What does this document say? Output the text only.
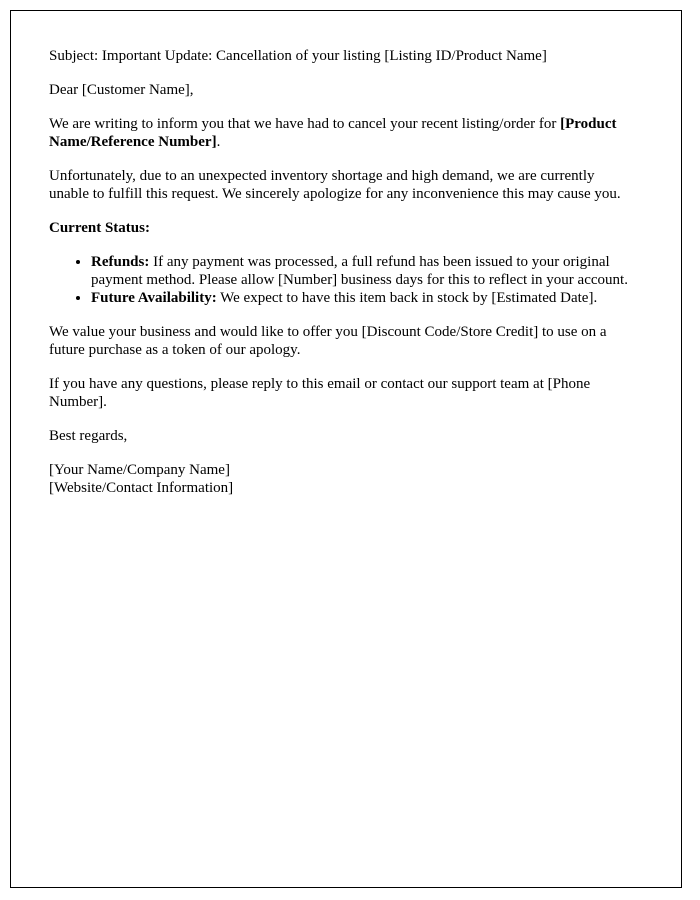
Subject: Important Update: Cancellation of your listing [Listing ID/Product Name]

Dear [Customer Name],

We are writing to inform you that we have had to cancel your recent listing/order for [Product Name/Reference Number].

Unfortunately, due to an unexpected inventory shortage and high demand, we are currently unable to fulfill this request. We sincerely apologize for any inconvenience this may cause you.

Current Status:

• Refunds: If any payment was processed, a full refund has been issued to your original payment method. Please allow [Number] business days for this to reflect in your account.
• Future Availability: We expect to have this item back in stock by [Estimated Date].

We value your business and would like to offer you [Discount Code/Store Credit] to use on a future purchase as a token of our apology.

If you have any questions, please reply to this email or contact our support team at [Phone Number].

Best regards,

[Your Name/Company Name]
[Website/Contact Information]
